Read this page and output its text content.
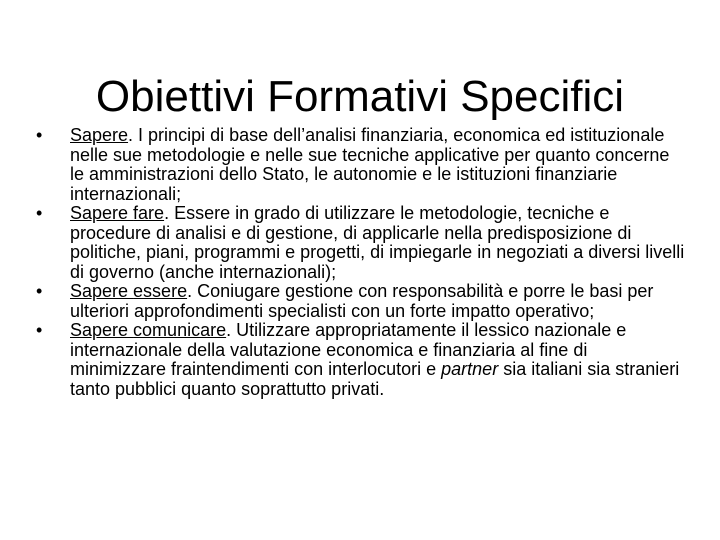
Obiettivi Formativi Specifici
•	Sapere. I principi di base dell’analisi finanziaria, economica ed istituzionale nelle sue metodologie e nelle sue tecniche applicative per quanto concerne le amministrazioni dello Stato, le autonomie e le istituzioni finanziarie internazionali;
•	Sapere fare. Essere in grado di utilizzare le metodologie, tecniche e procedure di analisi e di gestione, di applicarle nella predisposizione di politiche, piani, programmi e progetti, di impiegarle in negoziati a diversi livelli di governo (anche internazionali);
•	Sapere essere. Coniugare gestione con responsabilità e porre le basi per ulteriori approfondimenti specialisti con un forte impatto operativo;
•	Sapere comunicare. Utilizzare appropriatamente il lessico nazionale e internazionale della valutazione economica e finanziaria al fine di minimizzare fraintendimenti con interlocutori e partner sia italiani sia stranieri tanto pubblici quanto soprattutto privati.
